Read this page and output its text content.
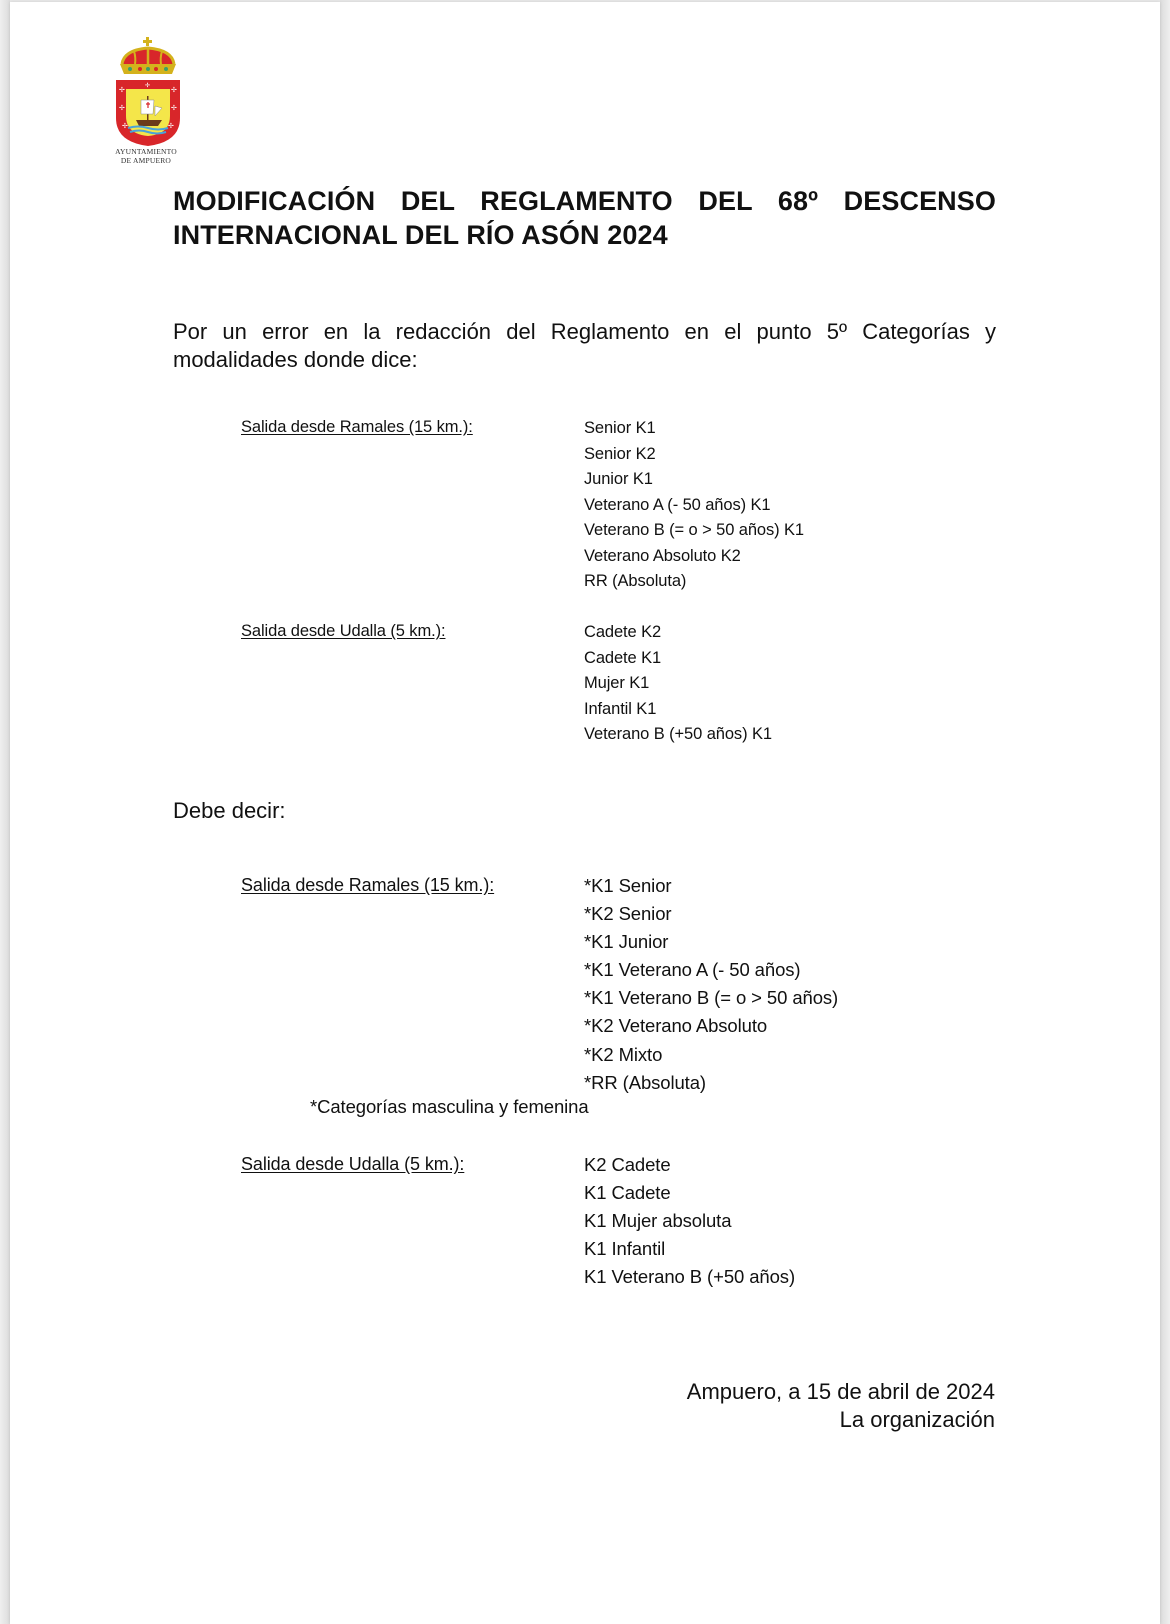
✢	✢
✢	✢
✢	✢
✢
AYUNTAMIENTO
DE AMPUERO
MODIFICACIÓN DEL REGLAMENTO DEL 68º DESCENSO
INTERNACIONAL DEL RÍO ASÓN 2024
Por un error en la redacción del Reglamento en el punto 5º Categorías y
modalidades donde dice:
Salida desde Ramales (15 km.):	Senior K1
Senior K2
Junior K1
Veterano A (- 50 años) K1
Veterano B (= o > 50 años) K1
Veterano Absoluto K2
RR (Absoluta)
Salida desde Udalla (5 km.):	Cadete K2
Cadete K1
Mujer K1
Infantil K1
Veterano B (+50 años) K1
Debe decir:
Salida desde Ramales (15 km.):	*K1 Senior
*K2 Senior
*K1 Junior
*K1 Veterano A (- 50 años)
*K1 Veterano B (= o > 50 años)
*K2 Veterano Absoluto
*K2 Mixto
*RR (Absoluta)
*Categorías masculina y femenina
Salida desde Udalla (5 km.):	K2 Cadete
K1 Cadete
K1 Mujer absoluta
K1 Infantil
K1 Veterano B (+50 años)
Ampuero, a 15 de abril de 2024
La organización
